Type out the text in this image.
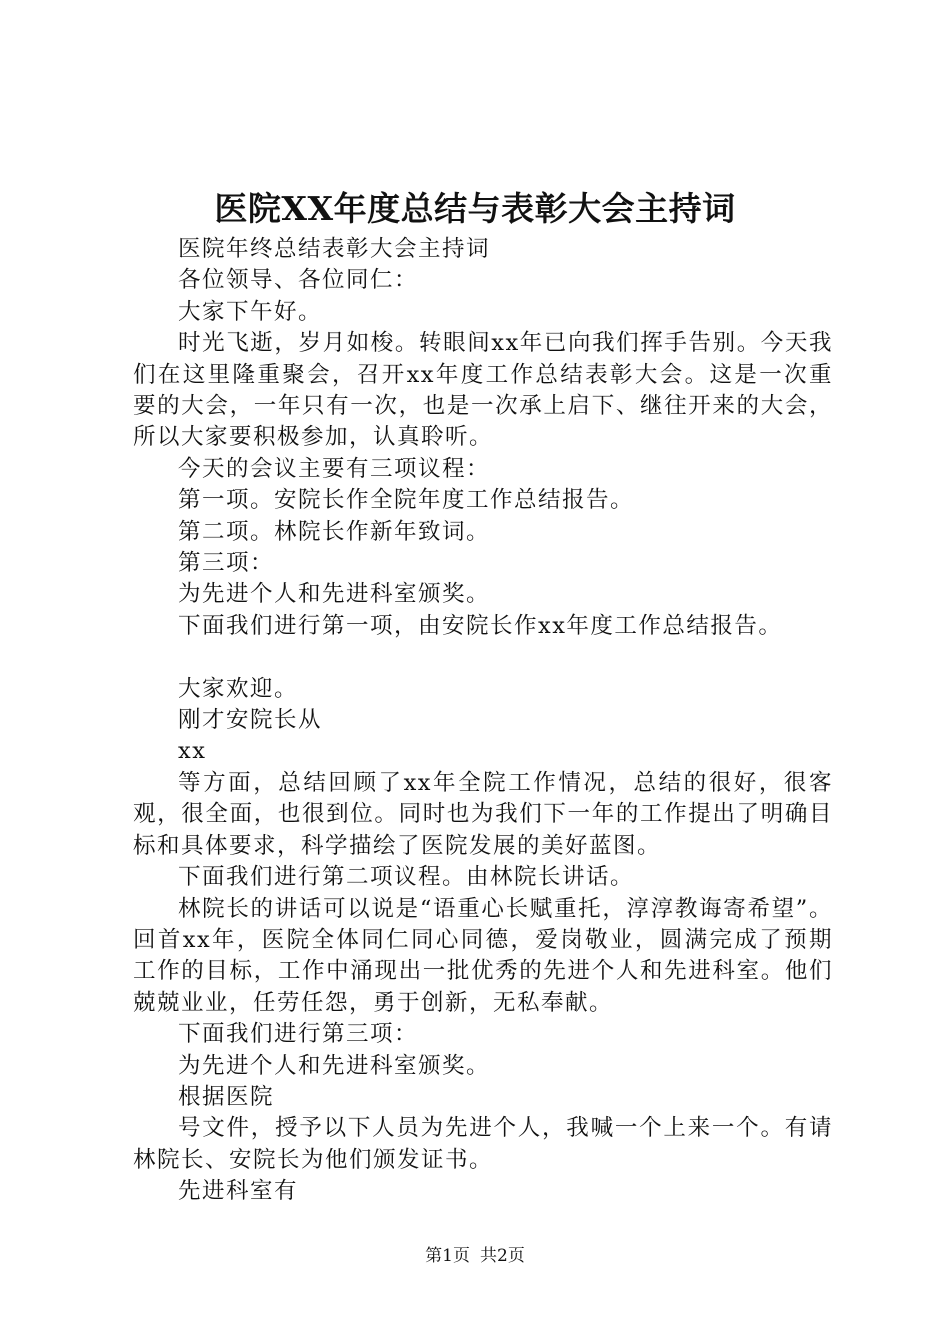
医院XX年度总结与表彰大会主持词

医院年终总结表彰大会主持词

各位领导、各位同仁：

大家下午好。

时光飞逝，岁月如梭。转眼间xx年已向我们挥手告别。今天我们在这里隆重聚会，召开xx年度工作总结表彰大会。这是一次重要的大会，一年只有一次，也是一次承上启下、继往开来的大会，所以大家要积极参加，认真聆听。

今天的会议主要有三项议程：

第一项。安院长作全院年度工作总结报告。

第二项。林院长作新年致词。

第三项：

为先进个人和先进科室颁奖。

下面我们进行第一项，由安院长作xx年度工作总结报告。

大家欢迎。

刚才安院长从

xx

等方面，总结回顾了xx年全院工作情况，总结的很好，很客观，很全面，也很到位。同时也为我们下一年的工作提出了明确目标和具体要求，科学描绘了医院发展的美好蓝图。

下面我们进行第二项议程。由林院长讲话。

林院长的讲话可以说是“语重心长赋重托，淳淳教诲寄希望”。回首xx年，医院全体同仁同心同德，爱岗敬业，圆满完成了预期工作的目标，工作中涌现出一批优秀的先进个人和先进科室。他们兢兢业业，任劳任怨，勇于创新，无私奉献。

下面我们进行第三项：

为先进个人和先进科室颁奖。

根据医院

号文件，授予以下人员为先进个人，我喊一个上来一个。有请林院长、安院长为他们颁发证书。

先进科室有

第1页 共2页
